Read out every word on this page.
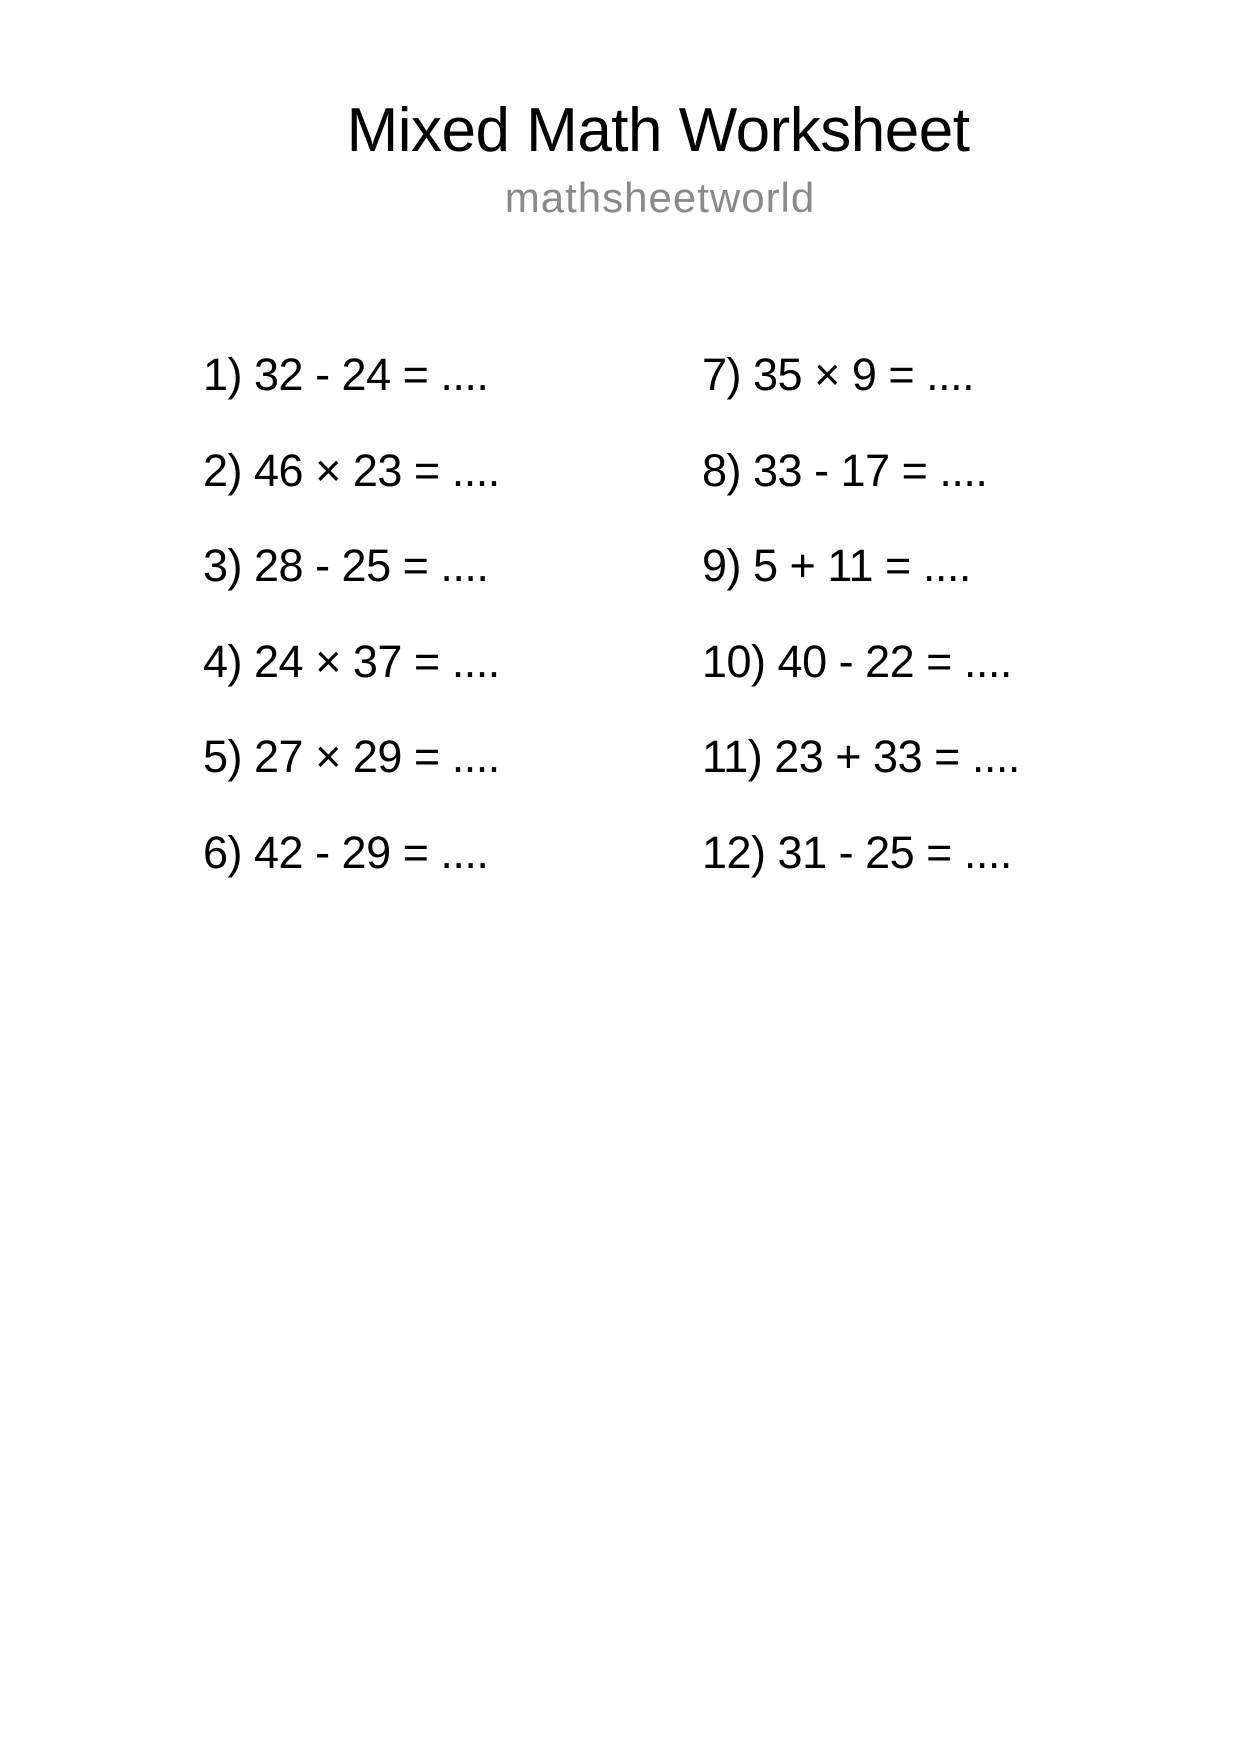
Mixed Math Worksheet
mathsheetworld
1) 32 - 24 = ....
2) 46 × 23 = ....
3) 28 - 25 = ....
4) 24 × 37 = ....
5) 27 × 29 = ....
6) 42 - 29 = ....
7) 35 × 9 = ....
8) 33 - 17 = ....
9) 5 + 11 = ....
10) 40 - 22 = ....
11) 23 + 33 = ....
12) 31 - 25 = ....
